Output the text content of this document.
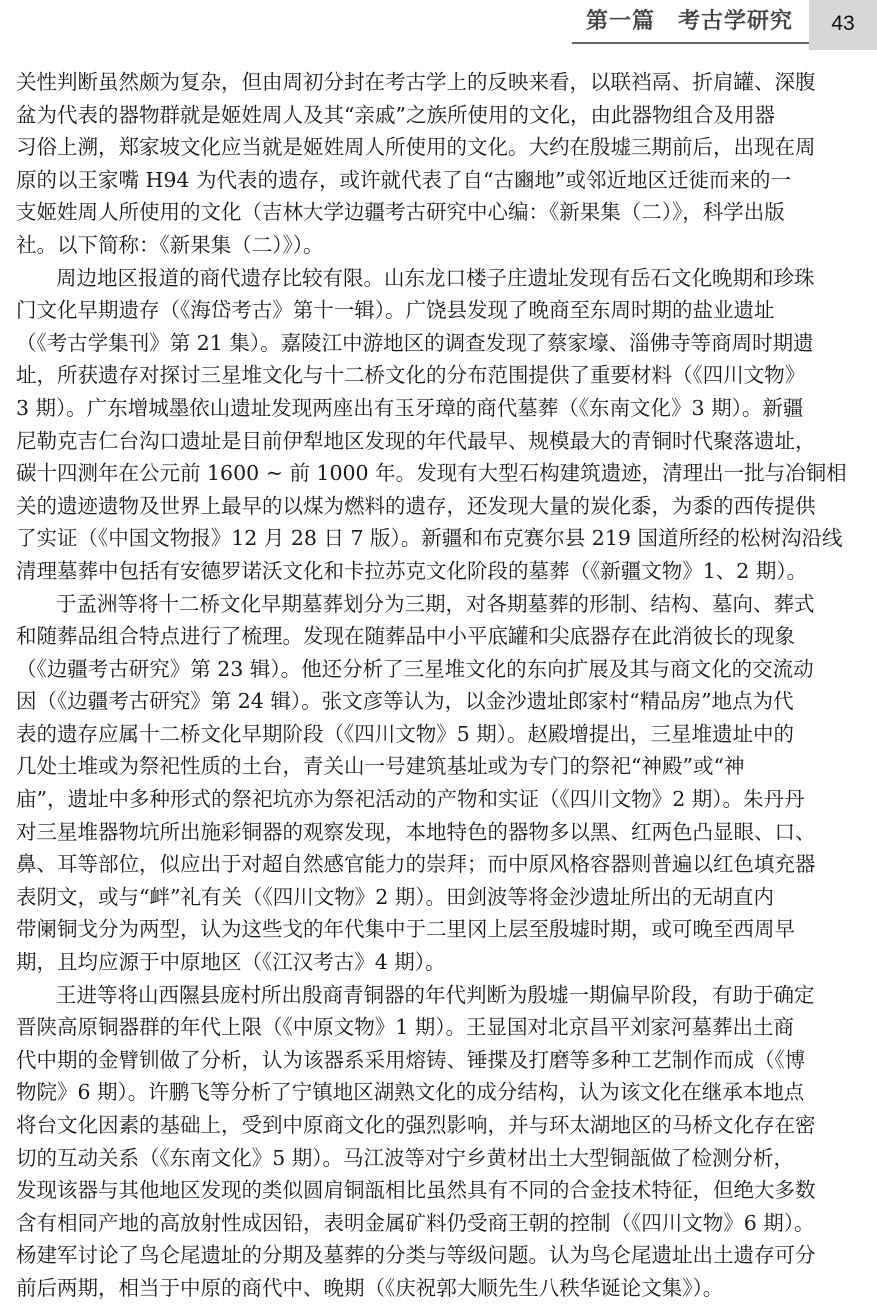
第一篇　考古学研究	43
关性判断虽然颇为复杂，但由周初分封在考古学上的反映来看，以联裆鬲、折肩罐、深腹
盆为代表的器物群就是姬姓周人及其“亲戚”之族所使用的文化，由此器物组合及用器
习俗上溯，郑家坡文化应当就是姬姓周人所使用的文化。大约在殷墟三期前后，出现在周
原的以王家嘴 H94 为代表的遗存，或许就代表了自“古豳地”或邻近地区迁徙而来的一
支姬姓周人所使用的文化（吉林大学边疆考古研究中心编：《新果集（二）》，科学出版
社。以下简称：《新果集（二）》）。
周边地区报道的商代遗存比较有限。山东龙口楼子庄遗址发现有岳石文化晚期和珍珠
门文化早期遗存（《海岱考古》第十一辑）。广饶县发现了晚商至东周时期的盐业遗址
（《考古学集刊》第 21 集）。嘉陵江中游地区的调查发现了蔡家壕、淄佛寺等商周时期遗
址，所获遗存对探讨三星堆文化与十二桥文化的分布范围提供了重要材料（《四川文物》
3 期）。广东增城墨依山遗址发现两座出有玉牙璋的商代墓葬（《东南文化》3 期）。新疆
尼勒克吉仁台沟口遗址是目前伊犁地区发现的年代最早、规模最大的青铜时代聚落遗址，
碳十四测年在公元前 1600 ~ 前 1000 年。发现有大型石构建筑遗迹，清理出一批与冶铜相
关的遗迹遗物及世界上最早的以煤为燃料的遗存，还发现大量的炭化黍，为黍的西传提供
了实证（《中国文物报》12 月 28 日 7 版）。新疆和布克赛尔县 219 国道所经的松树沟沿线
清理墓葬中包括有安德罗诺沃文化和卡拉苏克文化阶段的墓葬（《新疆文物》1、2 期）。
于孟洲等将十二桥文化早期墓葬划分为三期，对各期墓葬的形制、结构、墓向、葬式
和随葬品组合特点进行了梳理。发现在随葬品中小平底罐和尖底器存在此消彼长的现象
（《边疆考古研究》第 23 辑）。他还分析了三星堆文化的东向扩展及其与商文化的交流动
因（《边疆考古研究》第 24 辑）。张文彦等认为，以金沙遗址郎家村“精品房”地点为代
表的遗存应属十二桥文化早期阶段（《四川文物》5 期）。赵殿增提出，三星堆遗址中的
几处土堆或为祭祀性质的土台，青关山一号建筑基址或为专门的祭祀“神殿”或“神
庙”，遗址中多种形式的祭祀坑亦为祭祀活动的产物和实证（《四川文物》2 期）。朱丹丹
对三星堆器物坑所出施彩铜器的观察发现，本地特色的器物多以黑、红两色凸显眼、口、
鼻、耳等部位，似应出于对超自然感官能力的崇拜；而中原风格容器则普遍以红色填充器
表阴文，或与“衅”礼有关（《四川文物》2 期）。田剑波等将金沙遗址所出的无胡直内
带阑铜戈分为两型，认为这些戈的年代集中于二里冈上层至殷墟时期，或可晚至西周早
期，且均应源于中原地区（《江汉考古》4 期）。
王进等将山西隰县庞村所出殷商青铜器的年代判断为殷墟一期偏早阶段，有助于确定
晋陕高原铜器群的年代上限（《中原文物》1 期）。王显国对北京昌平刘家河墓葬出土商
代中期的金臂钏做了分析，认为该器系采用熔铸、锤揲及打磨等多种工艺制作而成（《博
物院》6 期）。许鹏飞等分析了宁镇地区湖熟文化的成分结构，认为该文化在继承本地点
将台文化因素的基础上，受到中原商文化的强烈影响，并与环太湖地区的马桥文化存在密
切的互动关系（《东南文化》5 期）。马江波等对宁乡黄材出土大型铜瓿做了检测分析，
发现该器与其他地区发现的类似圆肩铜瓿相比虽然具有不同的合金技术特征，但绝大多数
含有相同产地的高放射性成因铅，表明金属矿料仍受商王朝的控制（《四川文物》6 期）。
杨建军讨论了鸟仑尾遗址的分期及墓葬的分类与等级问题。认为鸟仑尾遗址出土遗存可分
前后两期，相当于中原的商代中、晚期（《庆祝郭大顺先生八秩华诞论文集》）。
